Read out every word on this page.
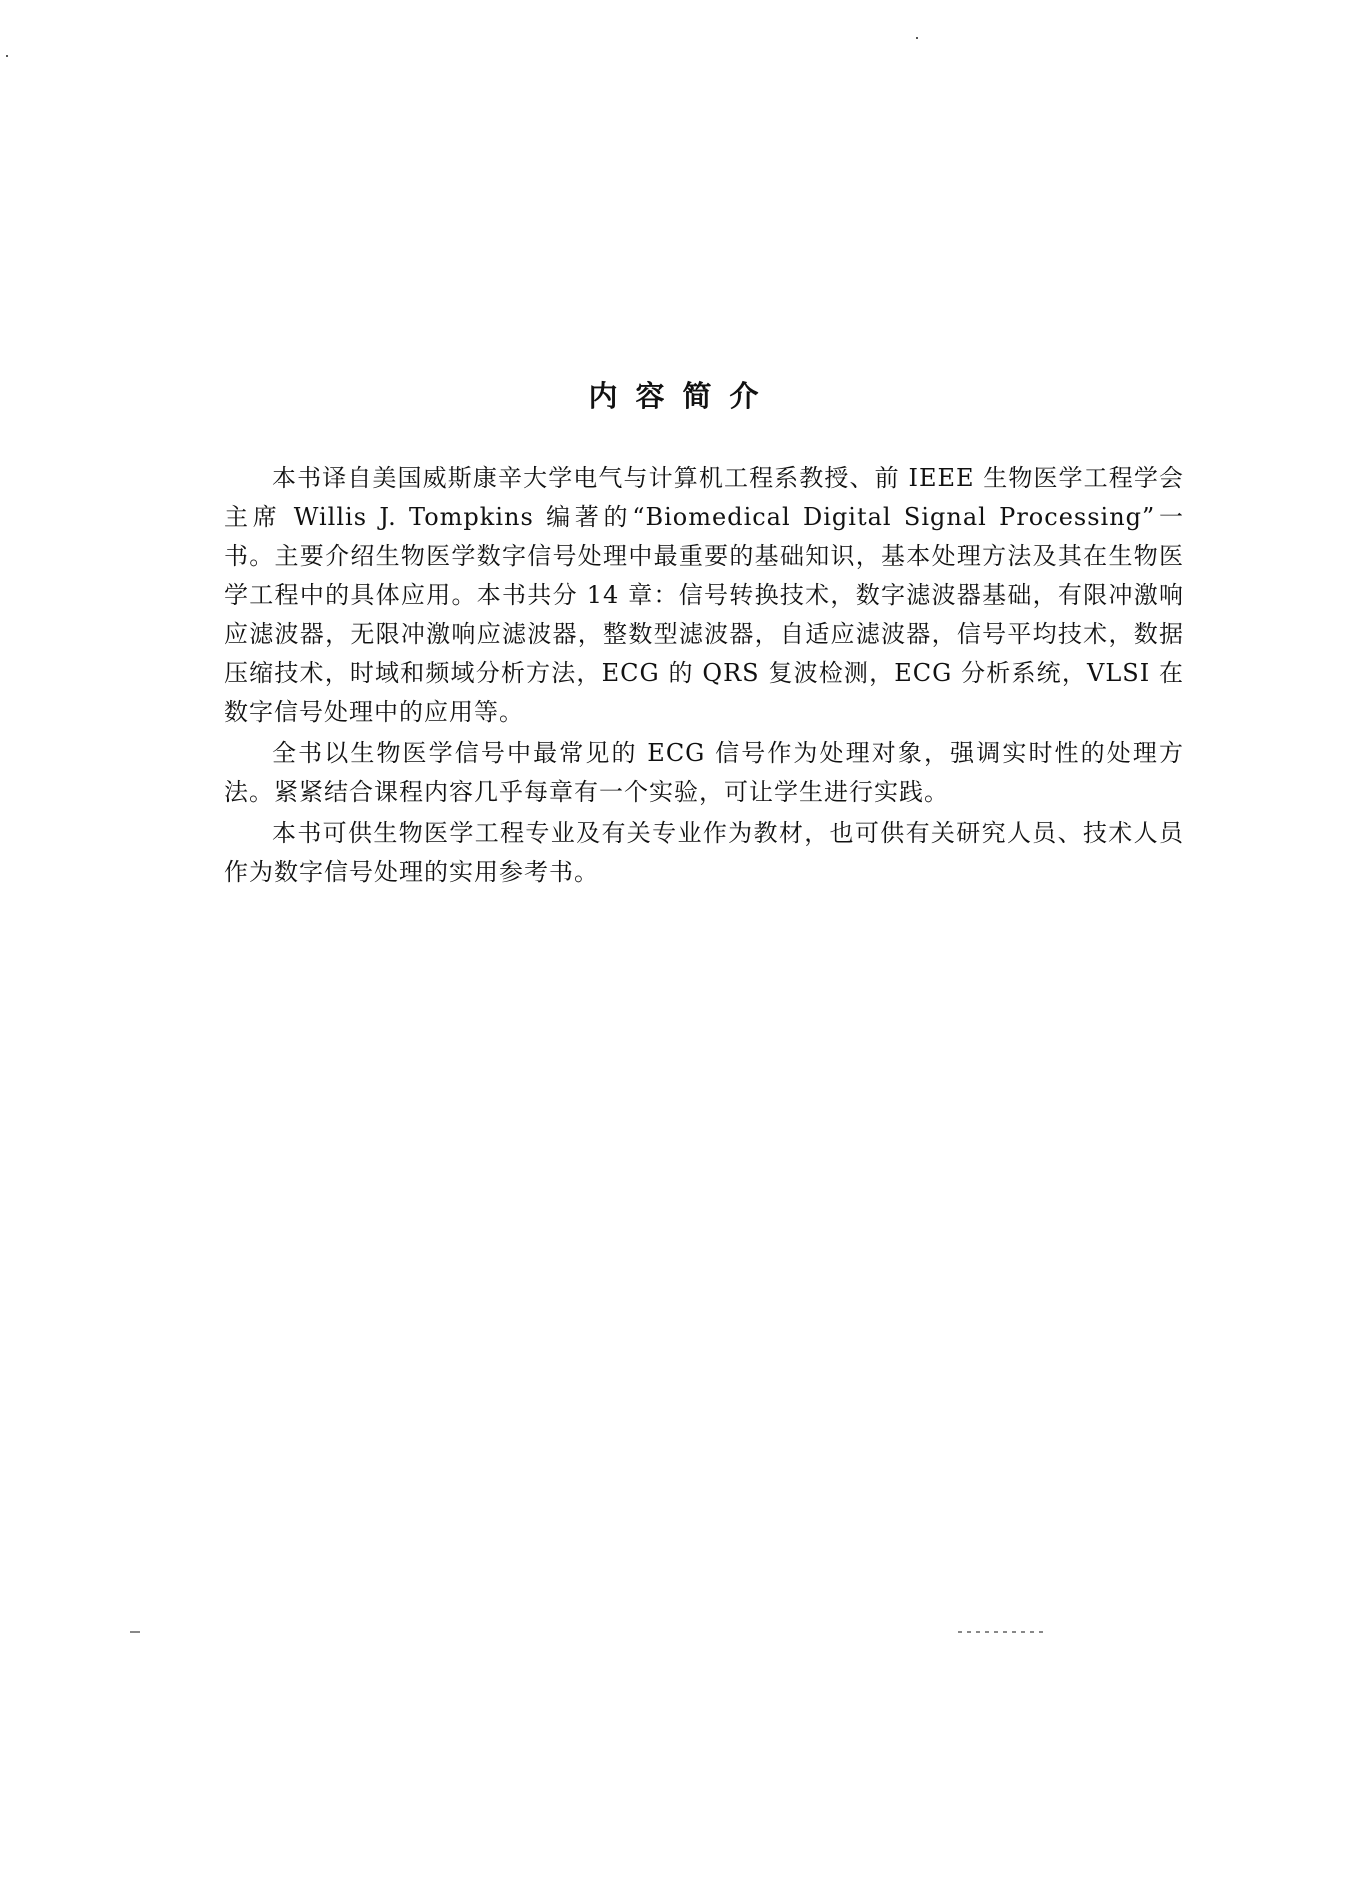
内容简介

本书译自美国威斯康辛大学电气与计算机工程系教授、前 IEEE 生物医学工程学会主席 Willis J. Tompkins 编著的“Biomedical Digital Signal Processing”一书。主要介绍生物医学数字信号处理中最重要的基础知识，基本处理方法及其在生物医学工程中的具体应用。本书共分 14 章：信号转换技术，数字滤波器基础，有限冲激响应滤波器，无限冲激响应滤波器，整数型滤波器，自适应滤波器，信号平均技术，数据压缩技术，时域和频域分析方法，ECG 的 QRS 复波检测，ECG 分析系统，VLSI 在数字信号处理中的应用等。

全书以生物医学信号中最常见的 ECG 信号作为处理对象，强调实时性的处理方法。紧紧结合课程内容几乎每章有一个实验，可让学生进行实践。

本书可供生物医学工程专业及有关专业作为教材，也可供有关研究人员、技术人员作为数字信号处理的实用参考书。
